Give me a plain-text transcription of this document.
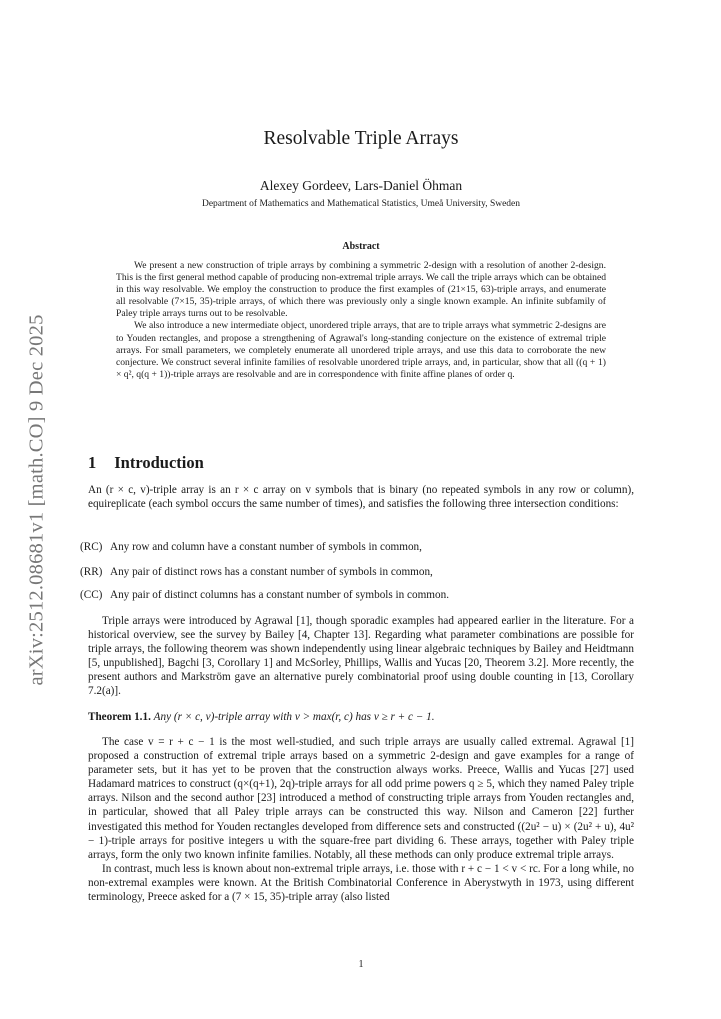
arXiv:2512.08681v1 [math.CO] 9 Dec 2025
Resolvable Triple Arrays
Alexey Gordeev, Lars-Daniel Öhman
Department of Mathematics and Mathematical Statistics, Umeå University, Sweden
Abstract

We present a new construction of triple arrays by combining a symmetric 2-design with a resolution of another 2-design. This is the first general method capable of producing non-extremal triple arrays. We call the triple arrays which can be obtained in this way resolvable. We employ the construction to produce the first examples of (21×15, 63)-triple arrays, and enumerate all resolvable (7×15, 35)-triple arrays, of which there was previously only a single known example. An infinite subfamily of Paley triple arrays turns out to be resolvable.

We also introduce a new intermediate object, unordered triple arrays, that are to triple arrays what symmetric 2-designs are to Youden rectangles, and propose a strengthening of Agrawal's long-standing conjecture on the existence of extremal triple arrays. For small parameters, we completely enumerate all unordered triple arrays, and use this data to corroborate the new conjecture. We construct several infinite families of resolvable unordered triple arrays, and, in particular, show that all ((q + 1) × q², q(q + 1))-triple arrays are resolvable and are in correspondence with finite affine planes of order q.

1 Introduction

An (r × c, v)-triple array is an r × c array on v symbols that is binary (no repeated symbols in any row or column), equireplicate (each symbol occurs the same number of times), and satisfies the following three intersection conditions:

(RC) Any row and column have a constant number of symbols in common,
(RR) Any pair of distinct rows has a constant number of symbols in common,
(CC) Any pair of distinct columns has a constant number of symbols in common.

Triple arrays were introduced by Agrawal [1], though sporadic examples had appeared earlier in the literature. For a historical overview, see the survey by Bailey [4, Chapter 13]. Regarding what parameter combinations are possible for triple arrays, the following theorem was shown independently using linear algebraic techniques by Bailey and Heidtmann [5, unpublished], Bagchi [3, Corollary 1] and McSorley, Phillips, Wallis and Yucas [20, Theorem 3.2]. More recently, the present authors and Markström gave an alternative purely combinatorial proof using double counting in [13, Corollary 7.2(a)].

Theorem 1.1. Any (r × c, v)-triple array with v > max(r, c) has v ≥ r + c − 1.

The case v = r + c − 1 is the most well-studied, and such triple arrays are usually called extremal. Agrawal [1] proposed a construction of extremal triple arrays based on a symmetric 2-design and gave examples for a range of parameter sets, but it has yet to be proven that the construction always works. Preece, Wallis and Yucas [27] used Hadamard matrices to construct (q×(q+1), 2q)-triple arrays for all odd prime powers q ≥ 5, which they named Paley triple arrays. Nilson and the second author [23] introduced a method of constructing triple arrays from Youden rectangles and, in particular, showed that all Paley triple arrays can be constructed this way. Nilson and Cameron [22] further investigated this method for Youden rectangles developed from difference sets and constructed ((2u² − u) × (2u² + u), 4u² − 1)-triple arrays for positive integers u with the square-free part dividing 6. These arrays, together with Paley triple arrays, form the only two known infinite families. Notably, all these methods can only produce extremal triple arrays.

In contrast, much less is known about non-extremal triple arrays, i.e. those with r + c − 1 < v < rc. For a long while, no non-extremal examples were known. At the British Combinatorial Conference in Aberystwyth in 1973, using different terminology, Preece asked for a (7 × 15, 35)-triple array (also listed

1
